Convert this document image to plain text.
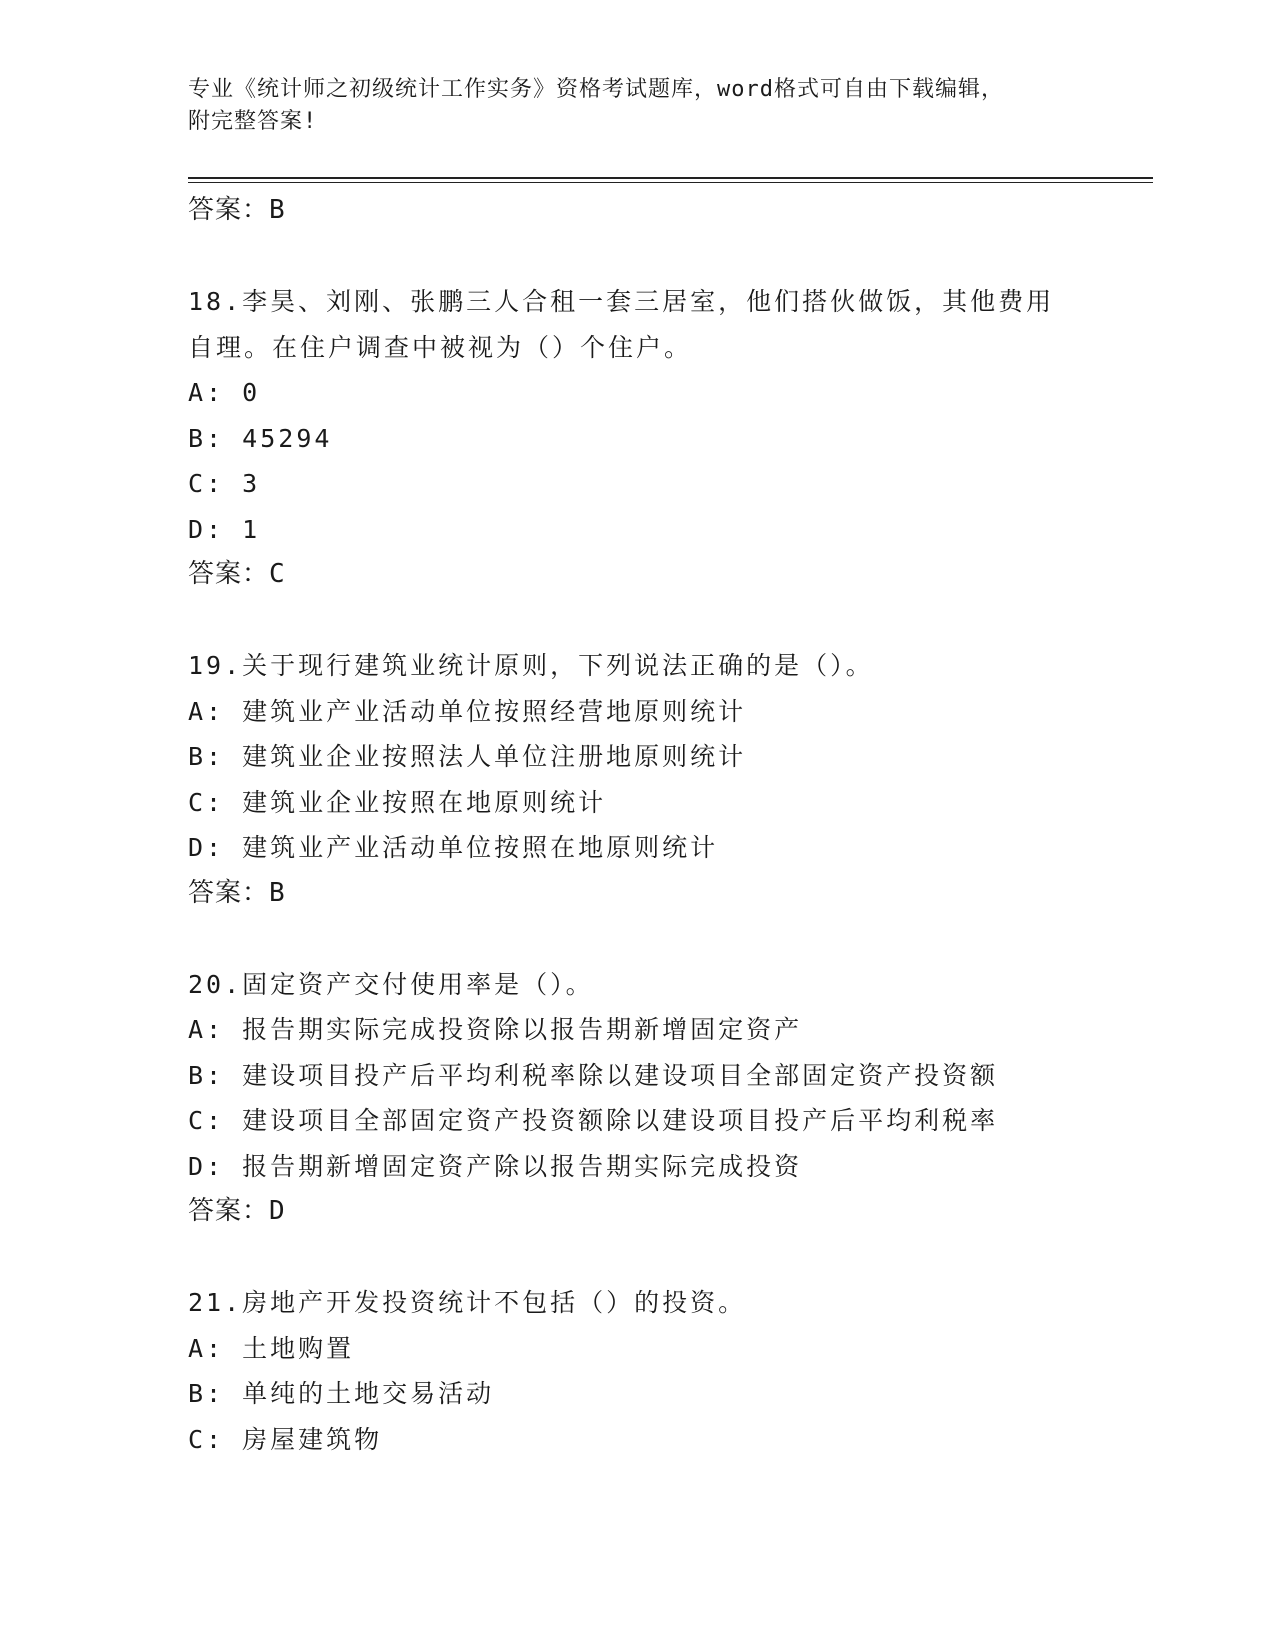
专业《统计师之初级统计工作实务》资格考试题库，word格式可自由下载编辑，
附完整答案!
答案：B
18.李昊、刘刚、张鹏三人合租一套三居室，他们搭伙做饭，其他费用
自理。在住户调查中被视为（）个住户。
A: 0
B: 45294
C: 3
D: 1
答案：C
19.关于现行建筑业统计原则，下列说法正确的是（）。
A: 建筑业产业活动单位按照经营地原则统计
B: 建筑业企业按照法人单位注册地原则统计
C: 建筑业企业按照在地原则统计
D: 建筑业产业活动单位按照在地原则统计
答案：B
20.固定资产交付使用率是（）。
A: 报告期实际完成投资除以报告期新增固定资产
B: 建设项目投产后平均利税率除以建设项目全部固定资产投资额
C: 建设项目全部固定资产投资额除以建设项目投产后平均利税率
D: 报告期新增固定资产除以报告期实际完成投资
答案：D
21.房地产开发投资统计不包括（）的投资。
A: 土地购置
B: 单纯的土地交易活动
C: 房屋建筑物
